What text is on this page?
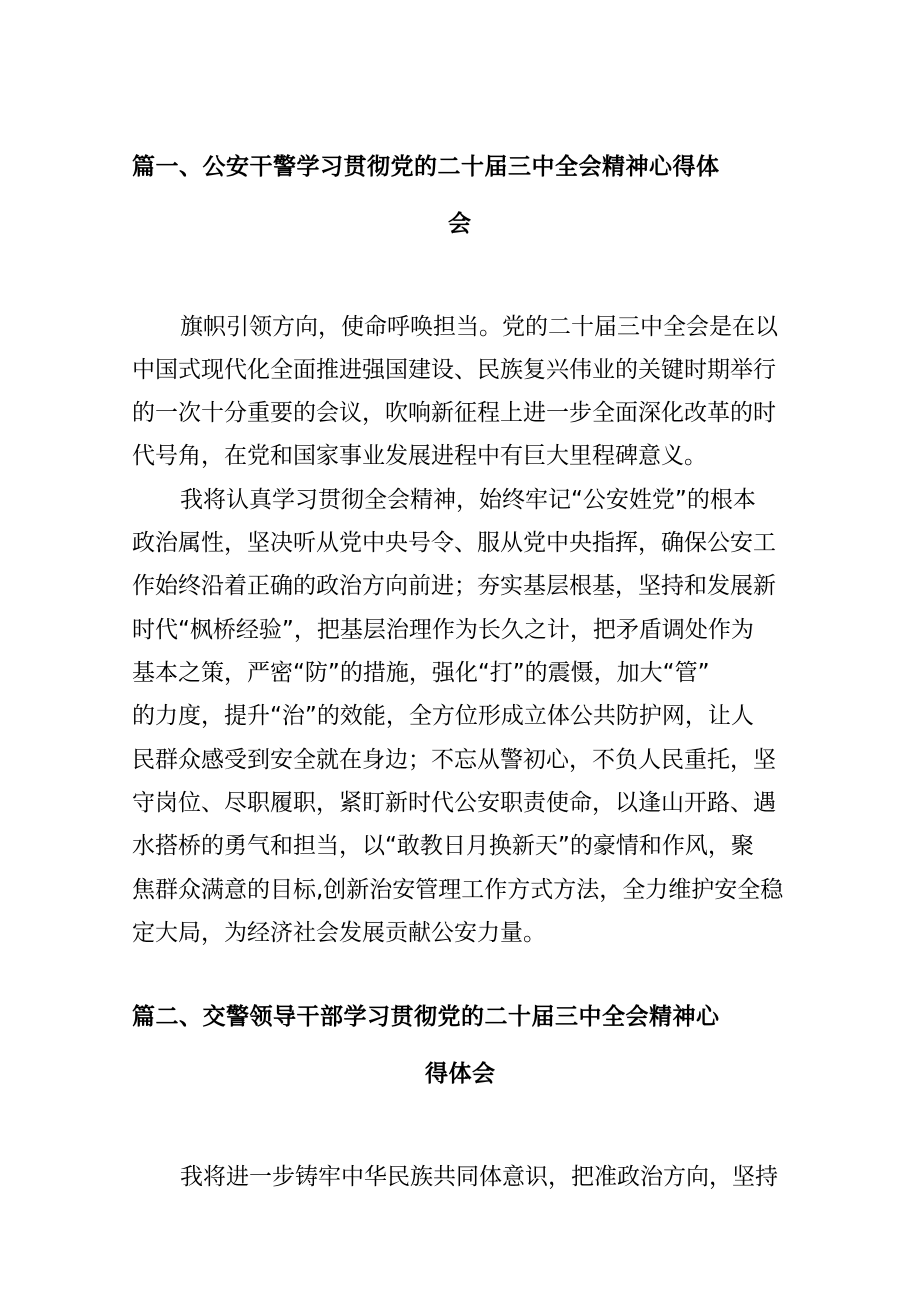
篇一、公安干警学习贯彻党的二十届三中全会精神心得体
会
旗帜引领方向，使命呼唤担当。党的二十届三中全会是在以
中国式现代化全面推进强国建设、民族复兴伟业的关键时期举行
的一次十分重要的会议，吹响新征程上进一步全面深化改革的时
代号角，在党和国家事业发展进程中有巨大里程碑意义。
我将认真学习贯彻全会精神，始终牢记“公安姓党”的根本
政治属性，坚决听从党中央号令、服从党中央指挥，确保公安工
作始终沿着正确的政治方向前进；夯实基层根基，坚持和发展新
时代“枫桥经验”，把基层治理作为长久之计，把矛盾调处作为
基本之策，严密“防”的措施，强化“打”的震慑，加大“管”
的力度，提升“治”的效能，全方位形成立体公共防护网，让人
民群众感受到安全就在身边；不忘从警初心，不负人民重托，坚
守岗位、尽职履职，紧盯新时代公安职责使命，以逢山开路、遇
水搭桥的勇气和担当，以“敢教日月换新天”的豪情和作风，聚
焦群众满意的目标,创新治安管理工作方式方法，全力维护安全稳
定大局，为经济社会发展贡献公安力量。
篇二、交警领导干部学习贯彻党的二十届三中全会精神心
得体会
我将进一步铸牢中华民族共同体意识，把准政治方向，坚持
